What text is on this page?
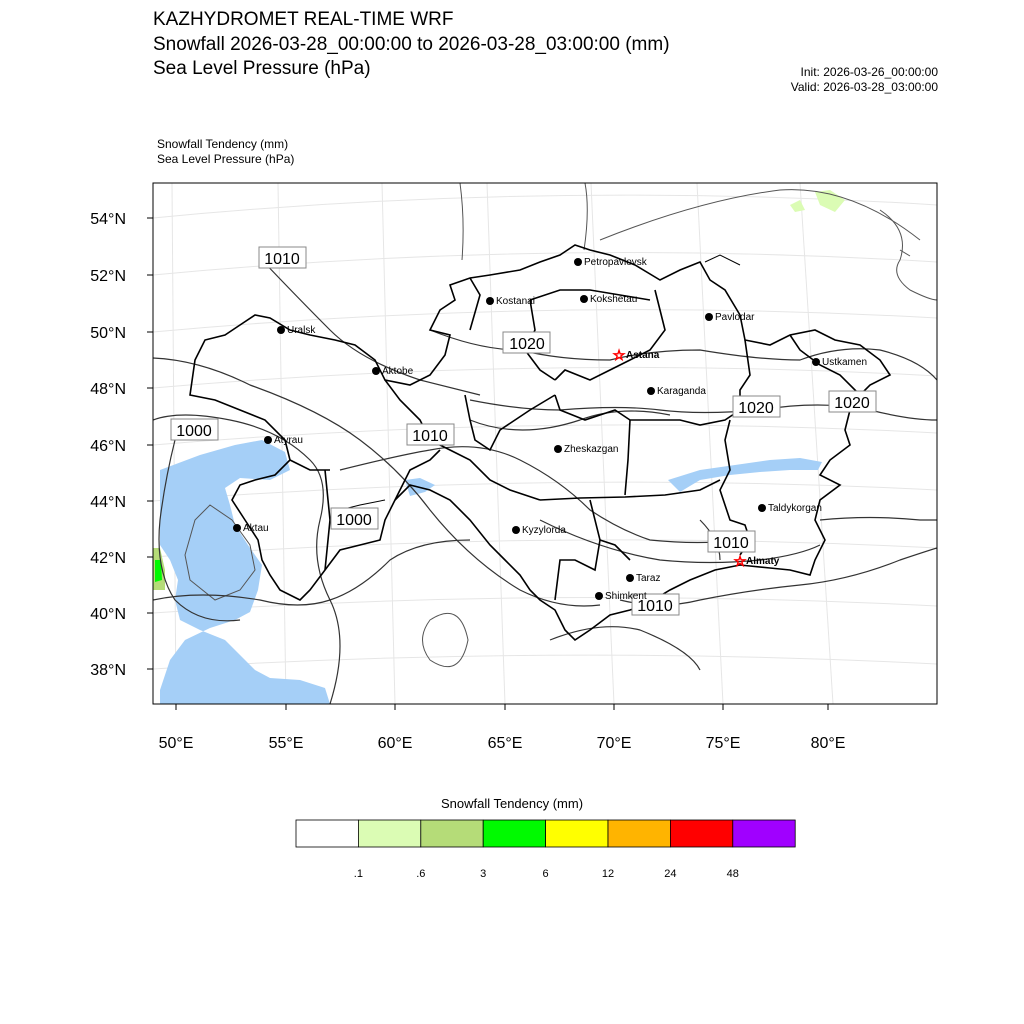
KAZHYDROMET REAL-TIME WRF
Snowfall 2026-03-28_00:00:00 to 2026-03-28_03:00:00 (mm)
Sea Level Pressure (hPa)	Init: 2026-03-26_00:00:00
Valid: 2026-03-28_03:00:00
Snowfall Tendency (mm)
Sea Level Pressure (hPa)
54°N
52°N
50°N
48°N
46°N
44°N
42°N
40°N
38°N
50°E	55°E	60°E	65°E	70°E	75°E	80°E
1010
1020
1000	1010
1020	1020
1000
1010
1010
Petropavlovsk
Kostanai	Kokshetau
Pavlodar
Uralsk
☆ Astana
Ustkamen
Aktobe
Karaganda
Atyrau
Zheskazgan
Aktau	Kyzylorda
Taldykorgan
☆ Almaty
Taraz
Shimkent
.1	.6	3	6	12	24	48
Snowfall Tendency (mm)
